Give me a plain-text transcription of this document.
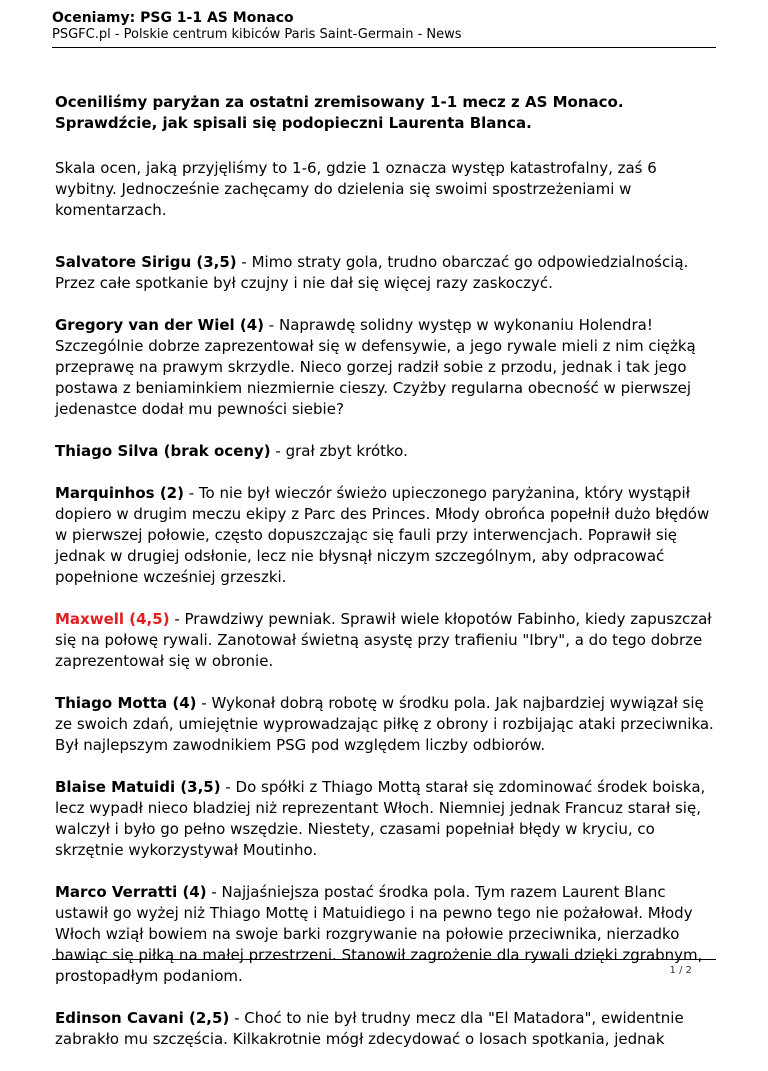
Oceniamy: PSG 1-1 AS Monaco

PSGFC.pl - Polskie centrum kibiców Paris Saint-Germain - News

Oceniliśmy paryżan za ostatni zremisowany 1-1 mecz z AS Monaco. Sprawdźcie, jak spisali się podopieczni Laurenta Blanca.

Skala ocen, jaką przyjęliśmy to 1-6, gdzie 1 oznacza występ katastrofalny, zaś 6 wybitny. Jednocześnie zachęcamy do dzielenia się swoimi spostrzeżeniami w komentarzach.

Salvatore Sirigu (3,5) - Mimo straty gola, trudno obarczać go odpowiedzialnością. Przez całe spotkanie był czujny i nie dał się więcej razy zaskoczyć.

Gregory van der Wiel (4) - Naprawdę solidny występ w wykonaniu Holendra! Szczególnie dobrze zaprezentował się w defensywie, a jego rywale mieli z nim ciężką przeprawę na prawym skrzydle. Nieco gorzej radził sobie z przodu, jednak i tak jego postawa z beniaminkiem niezmiernie cieszy. Czyżby regularna obecność w pierwszej jedenastce dodał mu pewności siebie?

Thiago Silva (brak oceny) - grał zbyt krótko.

Marquinhos (2) - To nie był wieczór świeżo upieczonego paryżanina, który wystąpił dopiero w drugim meczu ekipy z Parc des Princes. Młody obrońca popełnił dużo błędów w pierwszej połowie, często dopuszczając się fauli przy interwencjach. Poprawił się jednak w drugiej odsłonie, lecz nie błysnął niczym szczególnym, aby odpracować popełnione wcześniej grzeszki.

Maxwell (4,5) - Prawdziwy pewniak. Sprawił wiele kłopotów Fabinho, kiedy zapuszczał się na połowę rywali. Zanotował świetną asystę przy trafieniu "Ibry", a do tego dobrze zaprezentował się w obronie.

Thiago Motta (4) - Wykonał dobrą robotę w środku pola. Jak najbardziej wywiązał się ze swoich zdań, umiejętnie wyprowadzając piłkę z obrony i rozbijając ataki przeciwnika. Był najlepszym zawodnikiem PSG pod względem liczby odbiorów.

Blaise Matuidi (3,5) - Do spółki z Thiago Mottą starał się zdominować środek boiska, lecz wypadł nieco bladziej niż reprezentant Włoch. Niemniej jednak Francuz starał się, walczył i było go pełno wszędzie. Niestety, czasami popełniał błędy w kryciu, co skrzętnie wykorzystywał Moutinho.

Marco Verratti (4) - Najjaśniejsza postać środka pola. Tym razem Laurent Blanc ustawił go wyżej niż Thiago Mottę i Matuidiego i na pewno tego nie pożałował. Młody Włoch wziął bowiem na swoje barki rozgrywanie na połowie przeciwnika, nierzadko bawiąc się piłką na małej przestrzeni. Stanowił zagrożenie dla rywali dzięki zgrabnym, prostopadłym podaniom.

Edinson Cavani (2,5) - Choć to nie był trudny mecz dla "El Matadora", ewidentnie zabrakło mu szczęścia. Kilkakrotnie mógł zdecydować o losach spotkania, jednak

1 / 2
